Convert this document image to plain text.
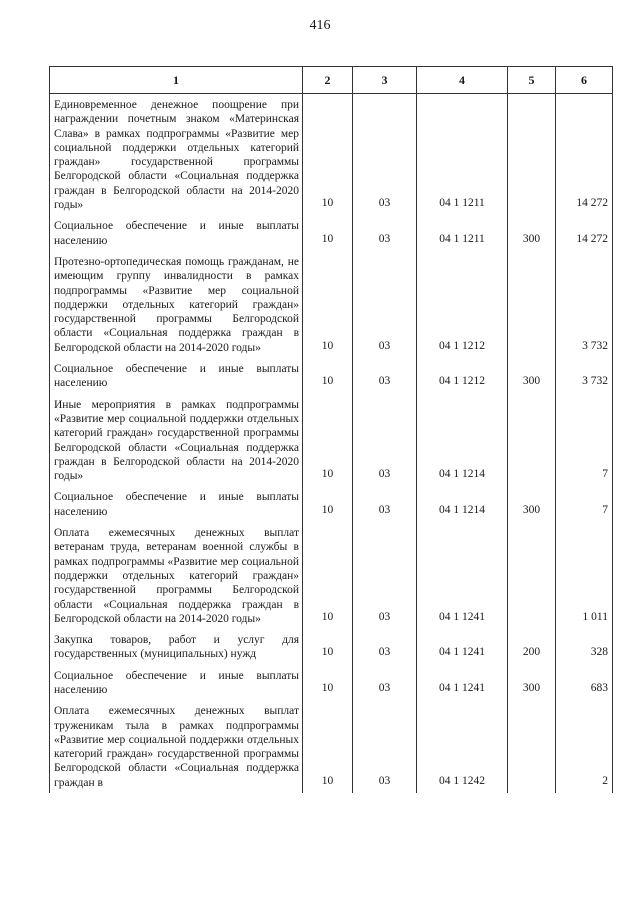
416
1	2	3	4	5	6
Единовременное денежное поощрение при награждении почетным знаком «Материнская Слава» в рамках подпрограммы «Развитие мер социальной поддержки отдельных категорий граждан» государственной программы Белгородской области «Социальная поддержка граждан в Белгородской области на 2014-2020 годы»	10	03	04 1 1211		14 272
Социальное обеспечение и иные выплаты населению	10	03	04 1 1211	300	14 272
Протезно-ортопедическая помощь гражданам, не имеющим группу инвалидности в рамках подпрограммы «Развитие мер социальной поддержки отдельных категорий граждан» государственной программы Белгородской области «Социальная поддержка граждан в Белгородской области на 2014-2020 годы»	10	03	04 1 1212		3 732
Социальное обеспечение и иные выплаты населению	10	03	04 1 1212	300	3 732
Иные мероприятия в рамках подпрограммы «Развитие мер социальной поддержки отдельных категорий граждан» государственной программы Белгородской области «Социальная поддержка граждан в Белгородской области на 2014-2020 годы»	10	03	04 1 1214		7
Социальное обеспечение и иные выплаты населению	10	03	04 1 1214	300	7
Оплата ежемесячных денежных выплат ветеранам труда, ветеранам военной службы в рамках подпрограммы «Развитие мер социальной поддержки отдельных категорий граждан» государственной программы Белгородской области «Социальная поддержка граждан в Белгородской области на 2014-2020 годы»	10	03	04 1 1241		1 011
Закупка товаров, работ и услуг для государственных (муниципальных) нужд	10	03	04 1 1241	200	328
Социальное обеспечение и иные выплаты населению	10	03	04 1 1241	300	683
Оплата ежемесячных денежных выплат труженикам тыла в рамках подпрограммы «Развитие мер социальной поддержки отдельных категорий граждан» государственной программы Белгородской области «Социальная поддержка граждан в	10	03	04 1 1242		2
